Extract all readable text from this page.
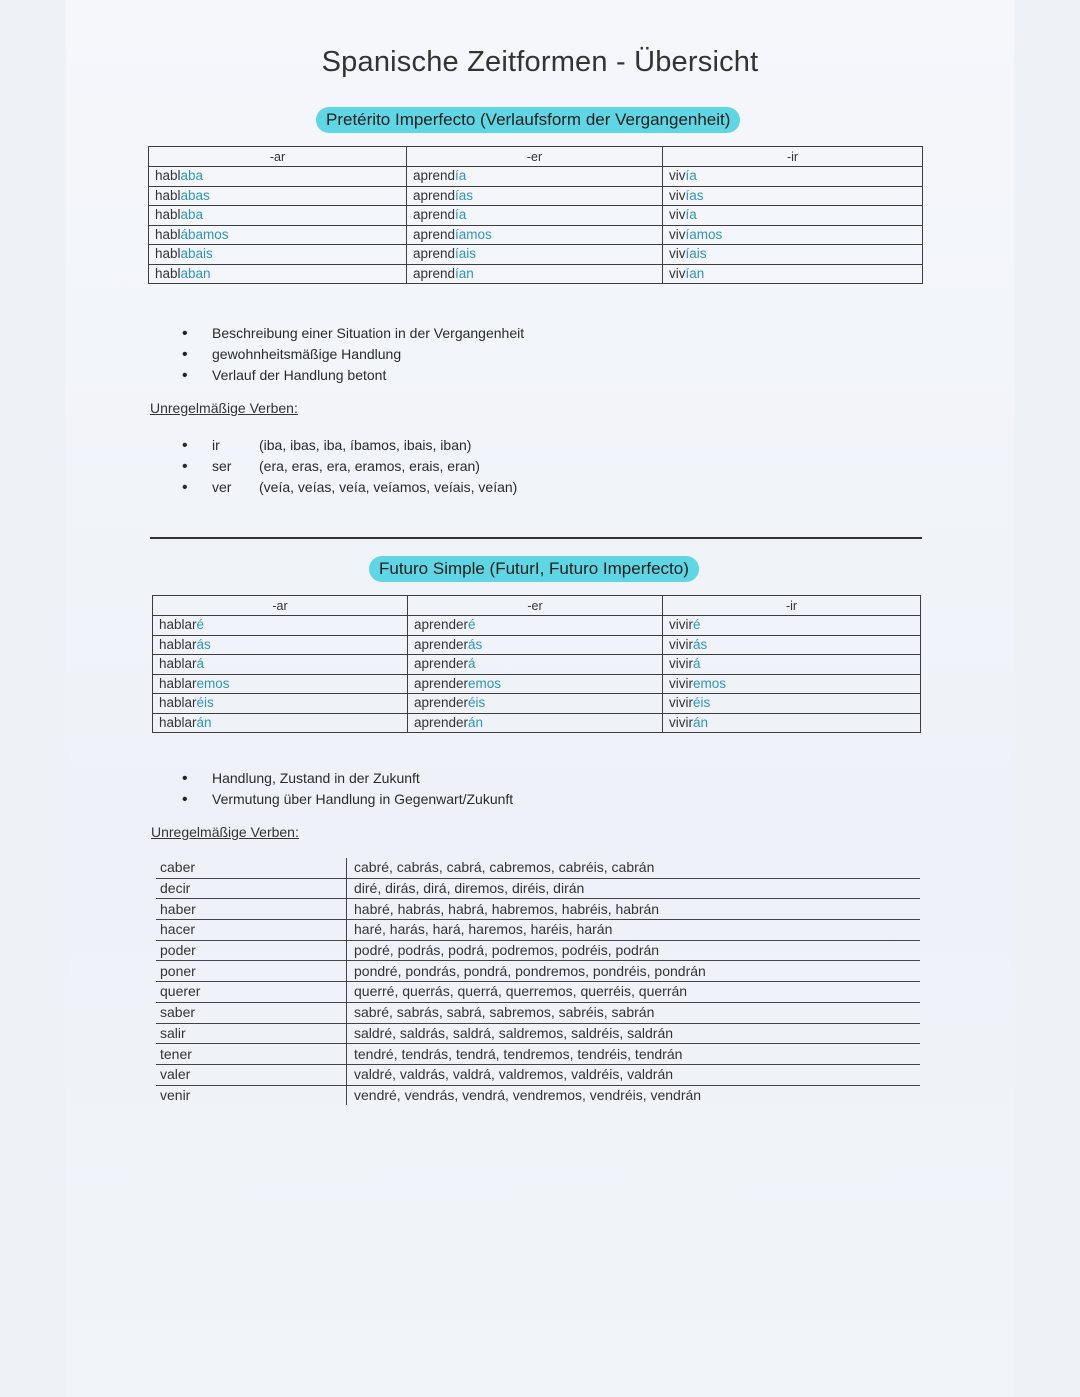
Spanische Zeitformen - Übersicht
Pretérito Imperfecto (Verlaufsform der Vergangenheit)
-ar	-er	-ir
hablaba	aprendía	vivía
hablabas	aprendías	vivías
hablaba	aprendía	vivía
hablábamos	aprendíamos	vivíamos
hablabais	aprendíais	vivíais
hablaban	aprendían	vivían
• Beschreibung einer Situation in der Vergangenheit
• gewohnheitsmäßige Handlung
• Verlauf der Handlung betont
Unregelmäßige Verben:
• ir	(iba, ibas, iba, íbamos, ibais, iban)
• ser (era, eras, era, eramos, erais, eran)
• ver (veía, veías, veía, veíamos, veíais, veían)
Futuro Simple (FuturI, Futuro Imperfecto)
-ar	-er	-ir
hablaré	aprenderé	viviré
hablarás	aprenderás	vivirás
hablará	aprenderá	vivirá
hablaremos	aprenderemos	viviremos
hablaréis	aprenderéis	viviréis
hablarán	aprenderán	vivirán
• Handlung, Zustand in der Zukunft
• Vermutung über Handlung in Gegenwart/Zukunft
Unregelmäßige Verben:
caber	cabré, cabrás, cabrá, cabremos, cabréis, cabrán
decir	diré, dirás, dirá, diremos, diréis, dirán
haber	habré, habrás, habrá, habremos, habréis, habrán
hacer	haré, harás, hará, haremos, haréis, harán
poder	podré, podrás, podrá, podremos, podréis, podrán
poner	pondré, pondrás, pondrá, pondremos, pondréis, pondrán
querer	querré, querrás, querrá, querremos, querréis, querrán
saber	sabré, sabrás, sabrá, sabremos, sabréis, sabrán
salir	saldré, saldrás, saldrá, saldremos, saldréis, saldrán
tener	tendré, tendrás, tendrá, tendremos, tendréis, tendrán
valer	valdré, valdrás, valdrá, valdremos, valdréis, valdrán
venir	vendré, vendrás, vendrá, vendremos, vendréis, vendrán
